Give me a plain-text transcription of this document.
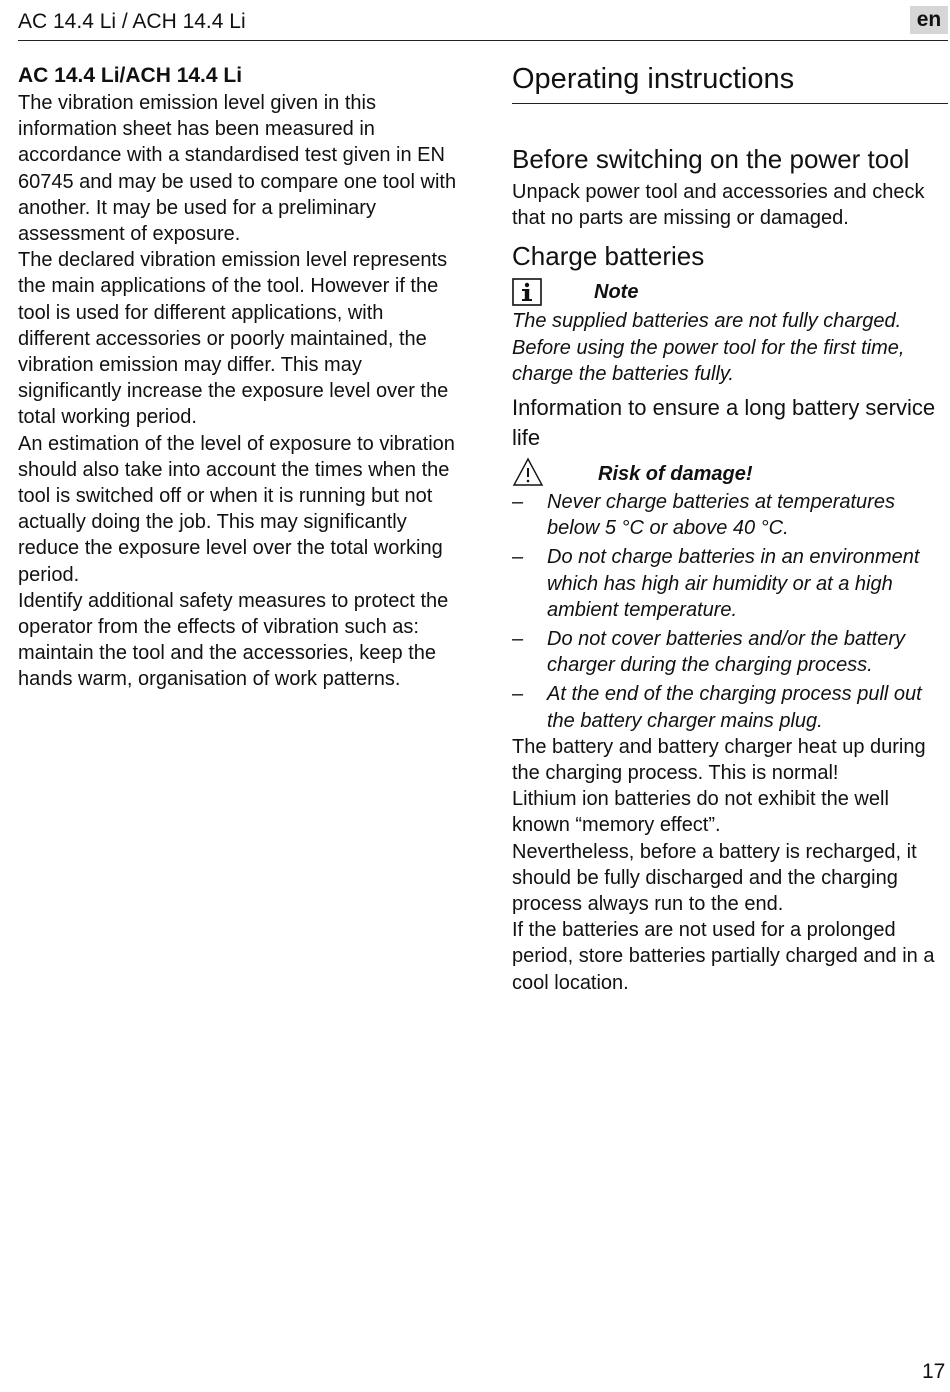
AC 14.4 Li / ACH 14.4 Li	en
AC 14.4 Li/ACH 14.4 Li

The vibration emission level given in this information sheet has been measured in accordance with a standardised test given in EN 60745 and may be used to compare one tool with another. It may be used for a preliminary assessment of exposure.

The declared vibration emission level represents the main applications of the tool. However if the tool is used for different applications, with different accessories or poorly maintained, the vibration emission may differ. This may significantly increase the exposure level over the total working period.

An estimation of the level of exposure to vibration should also take into account the times when the tool is switched off or when it is running but not actually doing the job. This may significantly reduce the exposure level over the total working period.

Identify additional safety measures to protect the operator from the effects of vibration such as: maintain the tool and the accessories, keep the hands warm, organisation of work patterns.

Operating instructions
Before switching on the power tool

Unpack power tool and accessories and check that no parts are missing or damaged.

Charge batteries
Note

The supplied batteries are not fully charged. Before using the power tool for the first time, charge the batteries fully.

Information to ensure a long battery service life
Risk of damage!
–	Never charge batteries at temperatures below 5 °C or above 40 °C.
–	Do not charge batteries in an environment which has high air humidity or at a high ambient temperature.
–	Do not cover batteries and/or the battery charger during the charging process.
–	At the end of the charging process pull out the battery charger mains plug.

The battery and battery charger heat up during the charging process. This is normal!

Lithium ion batteries do not exhibit the well known “memory effect”.

Nevertheless, before a battery is recharged, it should be fully discharged and the charging process always run to the end.

If the batteries are not used for a prolonged period, store batteries partially charged and in a cool location.

17
